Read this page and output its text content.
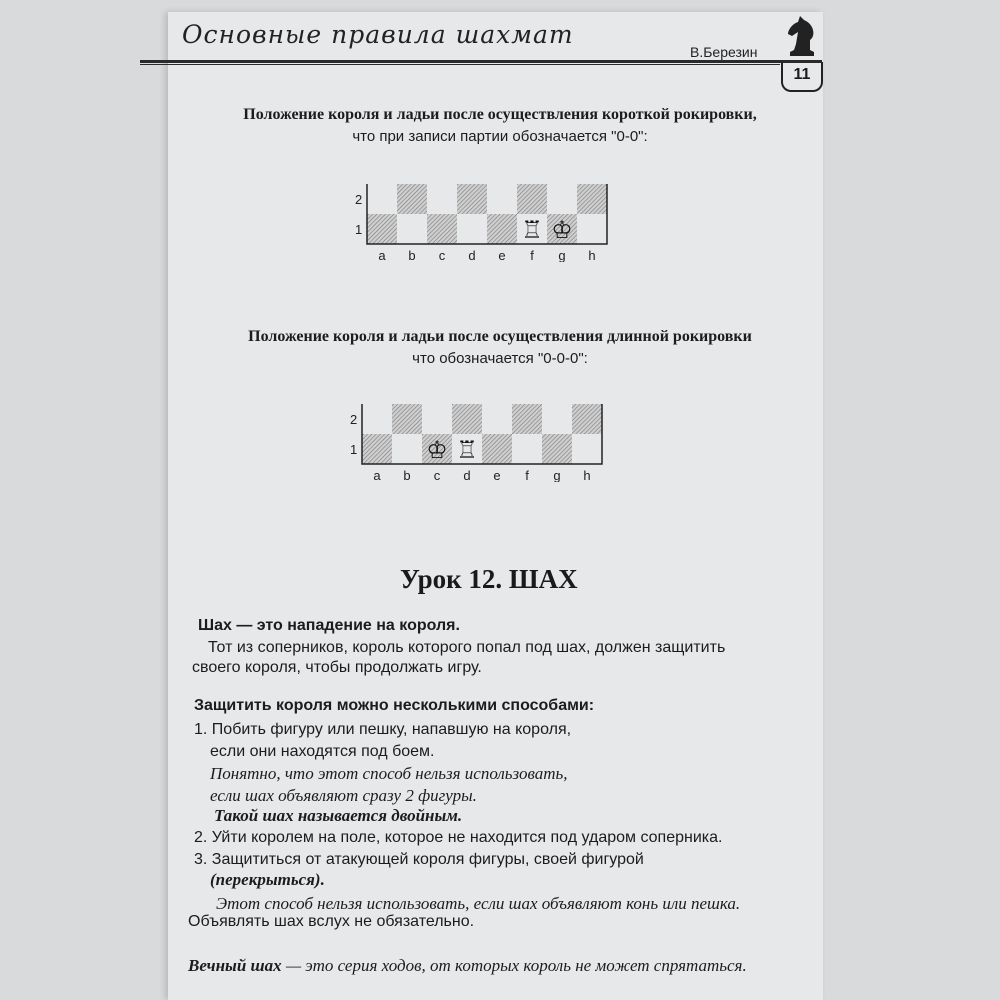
Основные правила шахмат
В.Березин
11
Положение короля и ладьи после осуществления короткой рокировки,
что при записи партии обозначается "0-0":
2
1
a b c d e f g h
♖ ♔
Положение короля и ладьи после осуществления длинной рокировки
что обозначается "0-0-0":
2
1
a b c d e f g h
♔ ♖
Урок 12. ШАХ
Шах — это нападение на короля.
Тот из соперников, король которого попал под шах, должен защитить
своего короля, чтобы продолжать игру.
Защитить короля можно несколькими способами:
1. Побить фигуру или пешку, напавшую на короля,
если они находятся под боем.
Понятно, что этот способ нельзя использовать,
если шах объявляют сразу 2 фигуры.
Такой шах называется двойным.
2. Уйти королем на поле, которое не находится под ударом соперника.
3. Защититься от атакующей короля фигуры, своей фигурой
(перекрыться).
Этот способ нельзя использовать, если шах объявляют конь или пешка.
Объявлять шах вслух не обязательно.
Вечный шах — это серия ходов, от которых король не может спрятаться.
